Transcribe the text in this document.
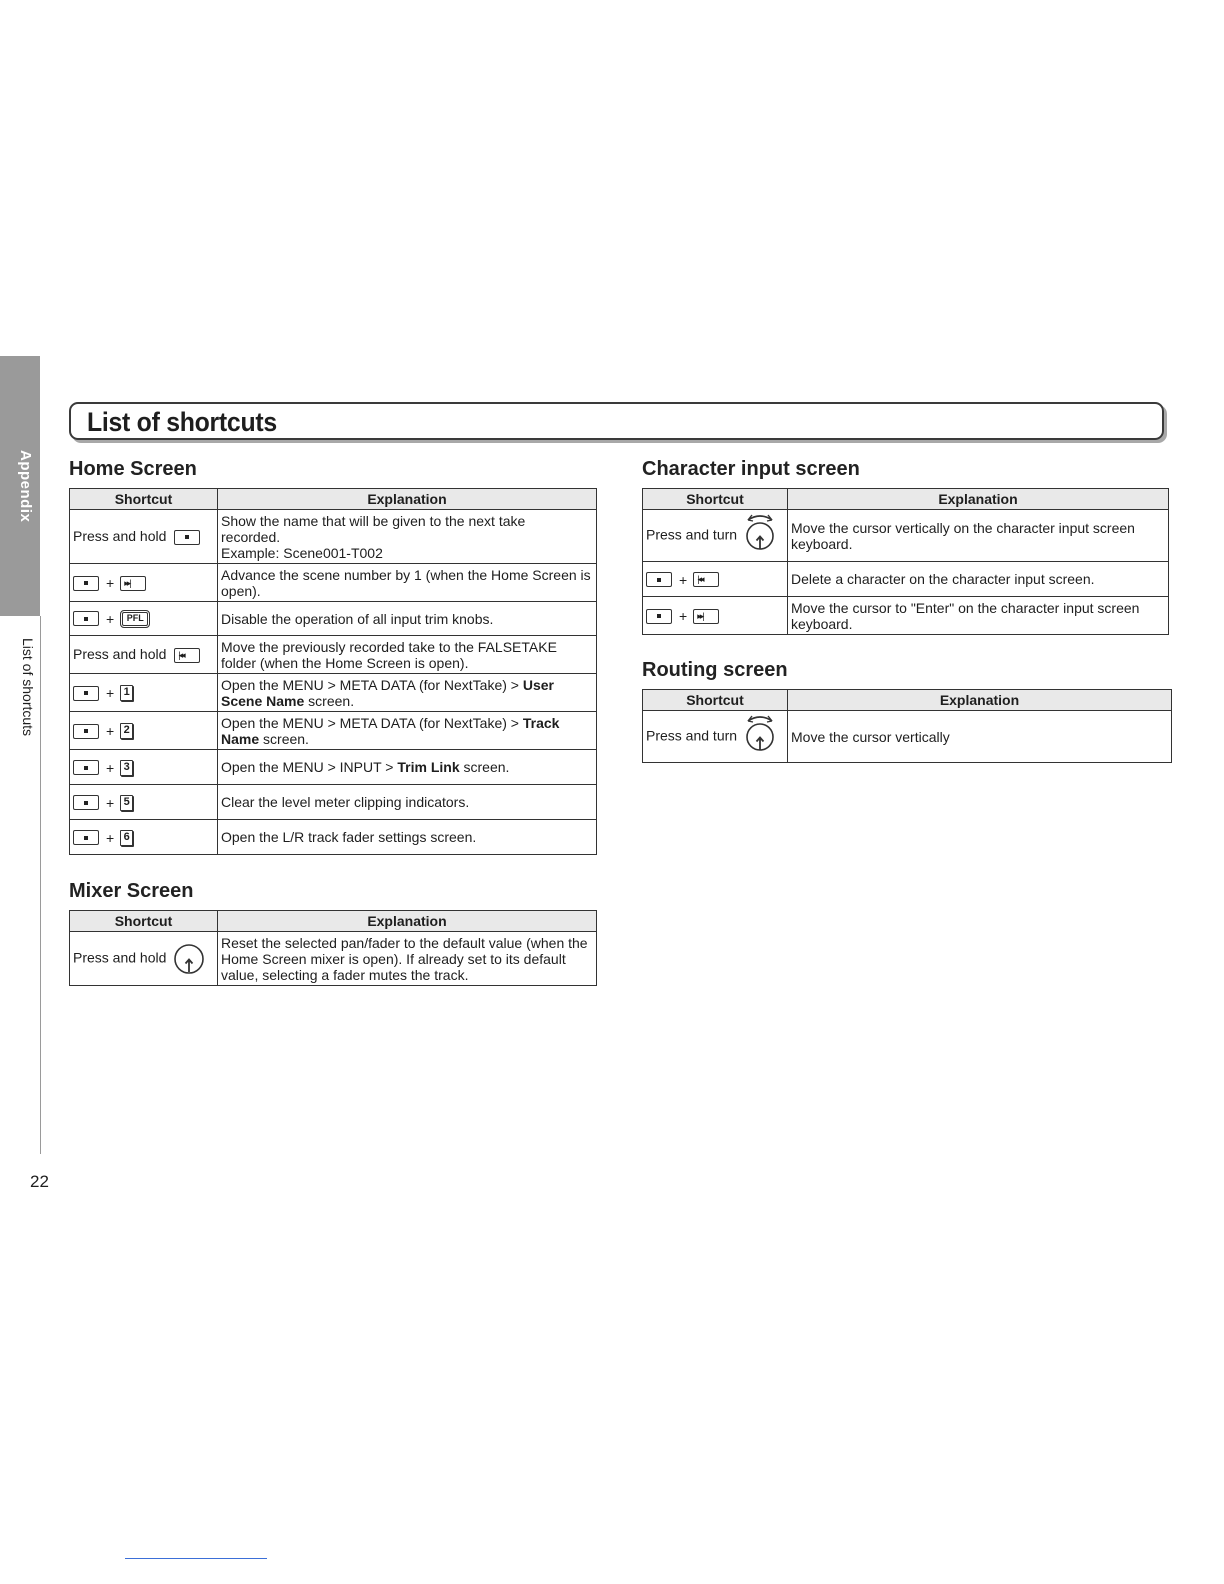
Appendix
List of shortcuts
22
List of shortcuts
Home Screen
Shortcut	Explanation
Press and hold	Show the name that will be given to the next take
recorded.
Example: Scene001-T002
+▸▸|	Advance the scene number by 1 (when the Home Screen is open).
+ PFL	Disable the operation of all input trim knobs.
Press and hold |◂◂	Move the previously recorded take to the FALSETAKE folder (when the Home Screen is open).
+ 1	Open the MENU > META DATA (for NextTake) > User Scene Name screen.
+ 2	Open the MENU > META DATA (for NextTake) > Track Name screen.
+ 3	Open the MENU > INPUT > Trim Link screen.
+ 5	Clear the level meter clipping indicators.
+ 6	Open the L/R track fader settings screen.
Mixer Screen
Shortcut	Explanation
Press and hold	Reset the selected pan/fader to the default value (when the Home Screen mixer is open). If already set to its default value, selecting a fader mutes the track.
Character input screen
Shortcut	Explanation
Press and turn	Move the cursor vertically on the character input screen keyboard.
+|◂◂	Delete a character on the character input screen.
+▸▸|	Move the cursor to "Enter" on the character input screen keyboard.
Routing screen
Shortcut	Explanation
Press and turn	Move the cursor vertically
